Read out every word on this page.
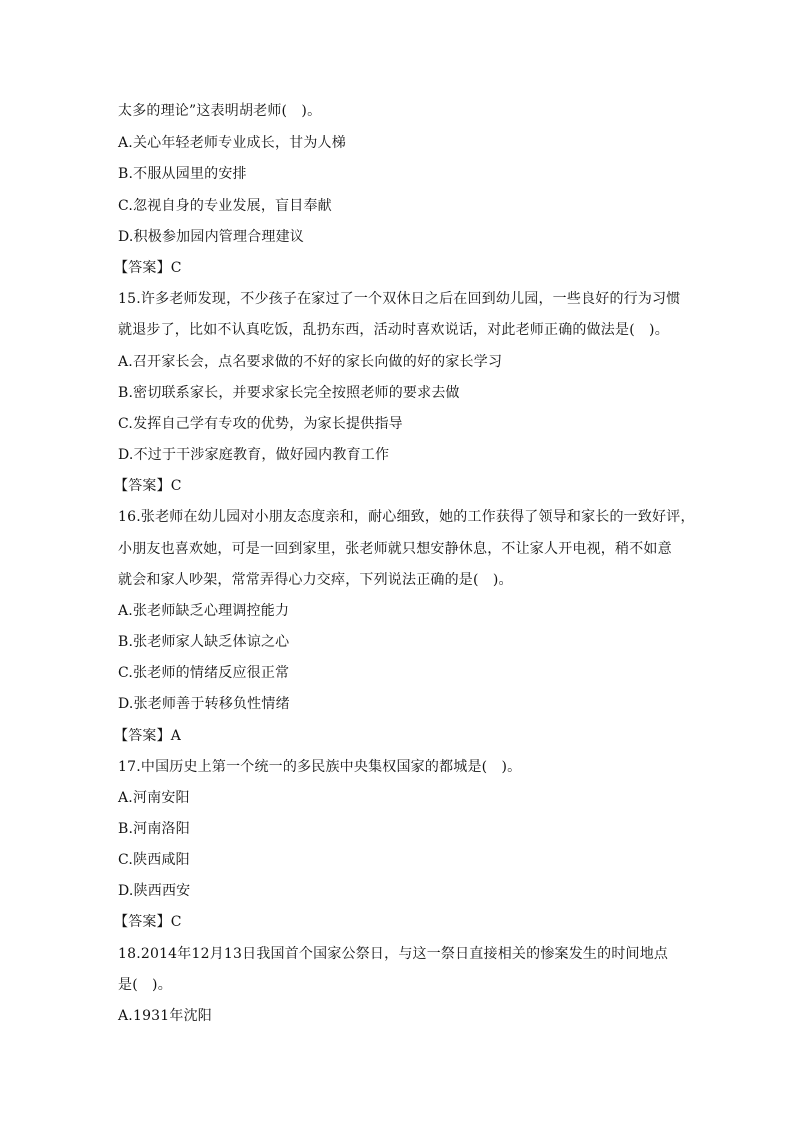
太多的理论”这表明胡老师(　)。
A.关心年轻老师专业成长，甘为人梯
B.不服从园里的安排
C.忽视自身的专业发展，盲目奉献
D.积极参加园内管理合理建议
【答案】C
15.许多老师发现，不少孩子在家过了一个双休日之后在回到幼儿园，一些良好的行为习惯
就退步了，比如不认真吃饭，乱扔东西，活动时喜欢说话，对此老师正确的做法是(　)。
A.召开家长会，点名要求做的不好的家长向做的好的家长学习
B.密切联系家长，并要求家长完全按照老师的要求去做
C.发挥自己学有专攻的优势，为家长提供指导
D.不过于干涉家庭教育，做好园内教育工作
【答案】C
16.张老师在幼儿园对小朋友态度亲和，耐心细致，她的工作获得了领导和家长的一致好评，
小朋友也喜欢她，可是一回到家里，张老师就只想安静休息，不让家人开电视，稍不如意
就会和家人吵架，常常弄得心力交瘁，下列说法正确的是(　)。
A.张老师缺乏心理调控能力
B.张老师家人缺乏体谅之心
C.张老师的情绪反应很正常
D.张老师善于转移负性情绪
【答案】A
17.中国历史上第一个统一的多民族中央集权国家的都城是(　)。
A.河南安阳
B.河南洛阳
C.陕西咸阳
D.陕西西安
【答案】C
18.2014年12月13日我国首个国家公祭日，与这一祭日直接相关的惨案发生的时间地点
是(　)。
A.1931年沈阳
